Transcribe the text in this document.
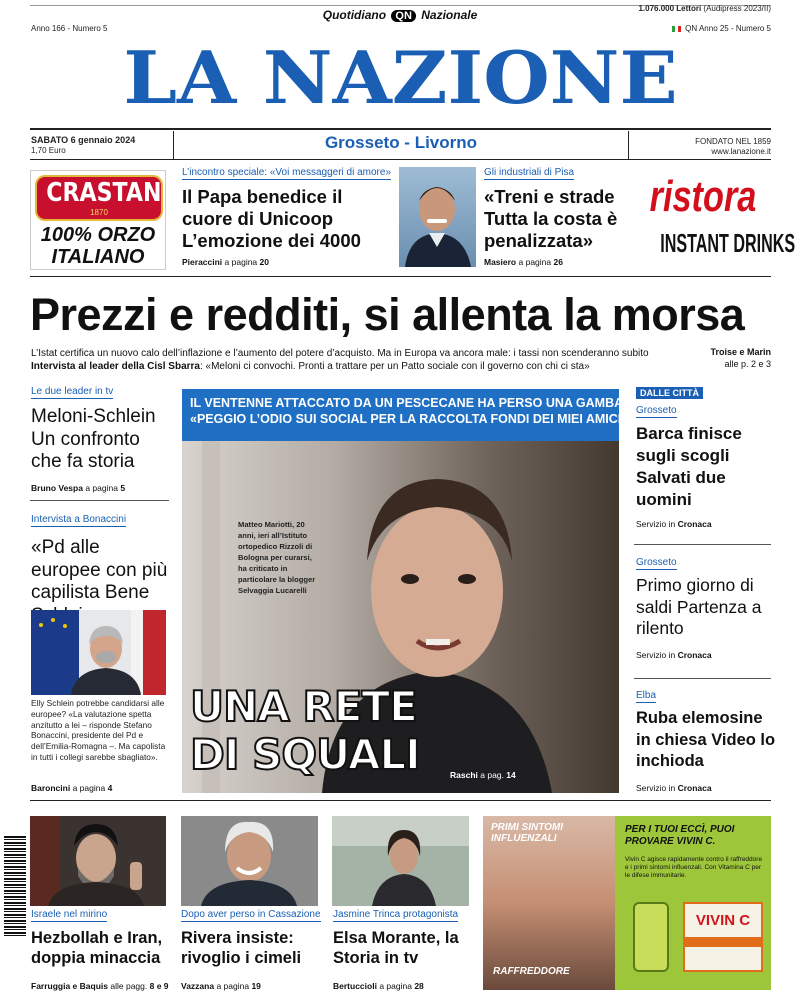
Quotidiano QN Nazionale	1.076.000 Lettori (Audipress 2023/II)
Anno 166 - Numero 5	QN Anno 25 - Numero 5
LA NAZIONE
SABATO 6 gennaio 2024
1,70 Euro	Grosseto - Livorno	FONDATO NEL 1859
www.lanazione.it
CRASTAN
1870
100% ORZO
ITALIANO
L’incontro speciale: «Voi messaggeri di amore»
Il Papa benedice il cuore di Unicoop L’emozione dei 4000
Pieraccini a pagina 20
Gli industriali di Pisa
«Treni e strade Tutta la costa è penalizzata»
Masiero a pagina 26
ristora
INSTANT DRINKS
Prezzi e redditi, si allenta la morsa
L’Istat certifica un nuovo calo dell’inflazione e l’aumento del potere d’acquisto. Ma in Europa va ancora male: i tassi non scenderanno subito
Intervista al leader della Cisl Sbarra: «Meloni ci convochi. Pronti a trattare per un Patto sociale con il governo con chi ci sta»
Troise e Marin
alle p. 2 e 3
Le due leader in tv
Meloni-Schlein Un confronto che fa storia
Bruno Vespa a pagina 5
Intervista a Bonaccini
«Pd alle europee con più capilista Bene
Elly Schlein potrebbe candidarsi alle europee? «La valutazione spetta anzitutto a lei – risponde Stefano Bonaccini, presidente del Pd e dell’Emilia-Romagna –. Ma capolista in tutti i collegi sarebbe sbagliato».
Baroncini a pagina 4
IL VENTENNE ATTACCATO DA UN PESCECANE HA PERSO UNA GAMBA
«PEGGIO L’ODIO SUI SOCIAL PER LA RACCOLTA FONDI DEI MIEI AMICI»
Matteo Mariotti, 20 anni, ieri all’Istituto ortopedico Rizzoli di Bologna per curarsi, ha criticato in particolare la blogger Selvaggia Lucarelli
UNA RETE
DI SQUALI	Raschi a pag. 14
DALLE CITTÀ
Grosseto
Barca finisce sugli scogli Salvati due uomini
Servizio in Cronaca
Grosseto
Primo giorno di saldi Partenza a rilento
Servizio in Cronaca
Elba
Ruba elemosine in chiesa Video lo inchioda
Servizio in Cronaca
Israele nel mirino
Hezbollah e Iran, doppia minaccia
Farruggia e Baquis alle pagg. 8 e 9
Dopo aver perso in Cassazione
Rivera insiste: rivoglio i cimeli
Vazzana a pagina 19
Jasmine Trinca protagonista
Elsa Morante, la Storia in tv
Bertuccioli a pagina 28
PRIMI SINTOMI INFLUENZALI
RAFFREDDORE
PER I TUOI ECCÌ, PUOI PROVARE VIVIN C.
Vivin C agisce rapidamente contro il raffreddore e i primi sintomi influenzali. Con Vitamina C per le difese immunitarie.
VIVIN C
